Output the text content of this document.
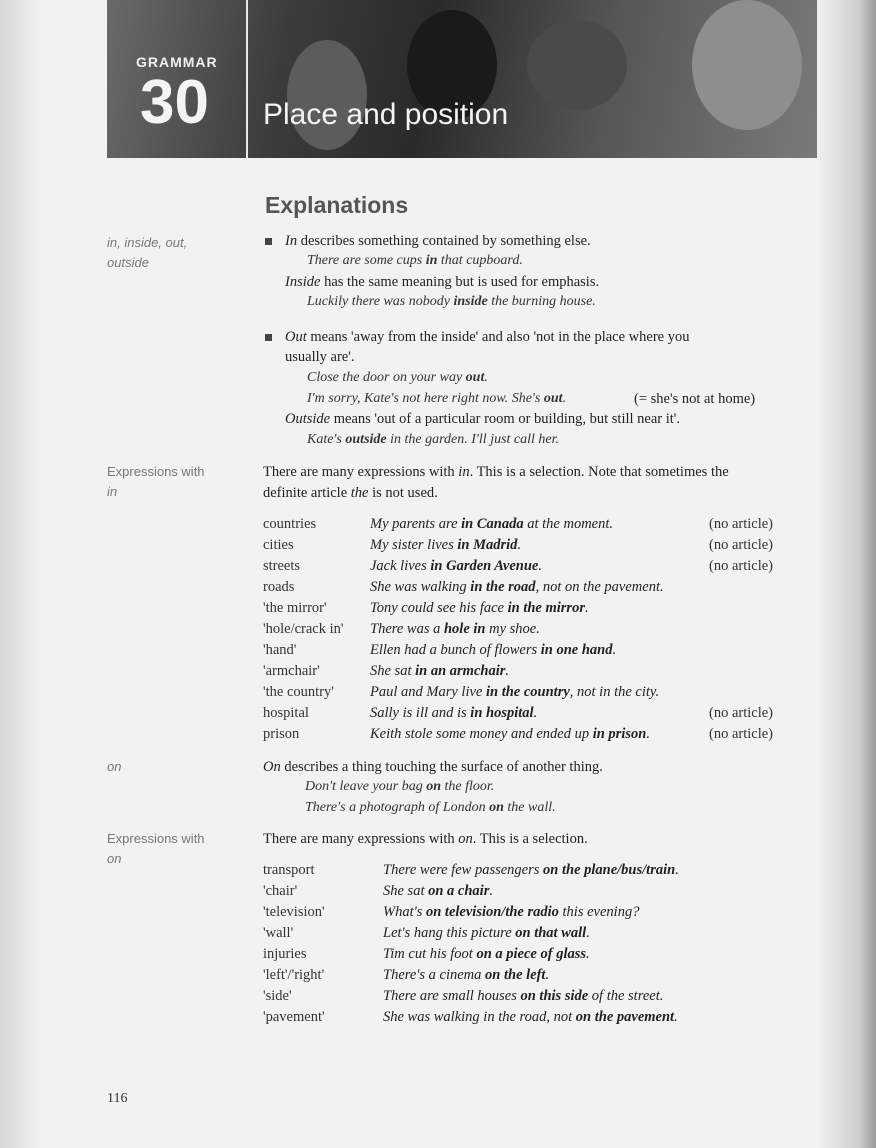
GRAMMAR
30 Place and position
Explanations
in, inside, out,
outside
Expressions with
in
on
Expressions with
on
In describes something contained by something else.
There are some cups in that cupboard.
Inside has the same meaning but is used for emphasis.
Luckily there was nobody inside the burning house.
Out means 'away from the inside' and also 'not in the place where you
usually are'.
Close the door on your way out.
I'm sorry, Kate's not here right now. She's out.	(= she's not at home)
Outside means 'out of a particular room or building, but still near it'.
Kate's outside in the garden. I'll just call her.
There are many expressions with in. This is a selection. Note that sometimes the
definite article the is not used.
countries	My parents are in Canada at the moment.	(no article)
cities	My sister lives in Madrid.	(no article)
streets	Jack lives in Garden Avenue.	(no article)
roads	She was walking in the road, not on the pavement.	
'the mirror'	Tony could see his face in the mirror.	
'hole/crack in'	There was a hole in my shoe.	
'hand'	Ellen had a bunch of flowers in one hand.	
'armchair'	She sat in an armchair.	
'the country'	Paul and Mary live in the country, not in the city.	
hospital	Sally is ill and is in hospital.	(no article)
prison	Keith stole some money and ended up in prison.	(no article)
On describes a thing touching the surface of another thing.
Don't leave your bag on the floor.
There's a photograph of London on the wall.
There are many expressions with on. This is a selection.
transport	There were few passengers on the plane/bus/train.
'chair'	She sat on a chair.
'television'	What's on television/the radio this evening?
'wall'	Let's hang this picture on that wall.
injuries	Tim cut his foot on a piece of glass.
'left'/'right'	There's a cinema on the left.
'side'	There are small houses on this side of the street.
'pavement'	She was walking in the road, not on the pavement.
116
